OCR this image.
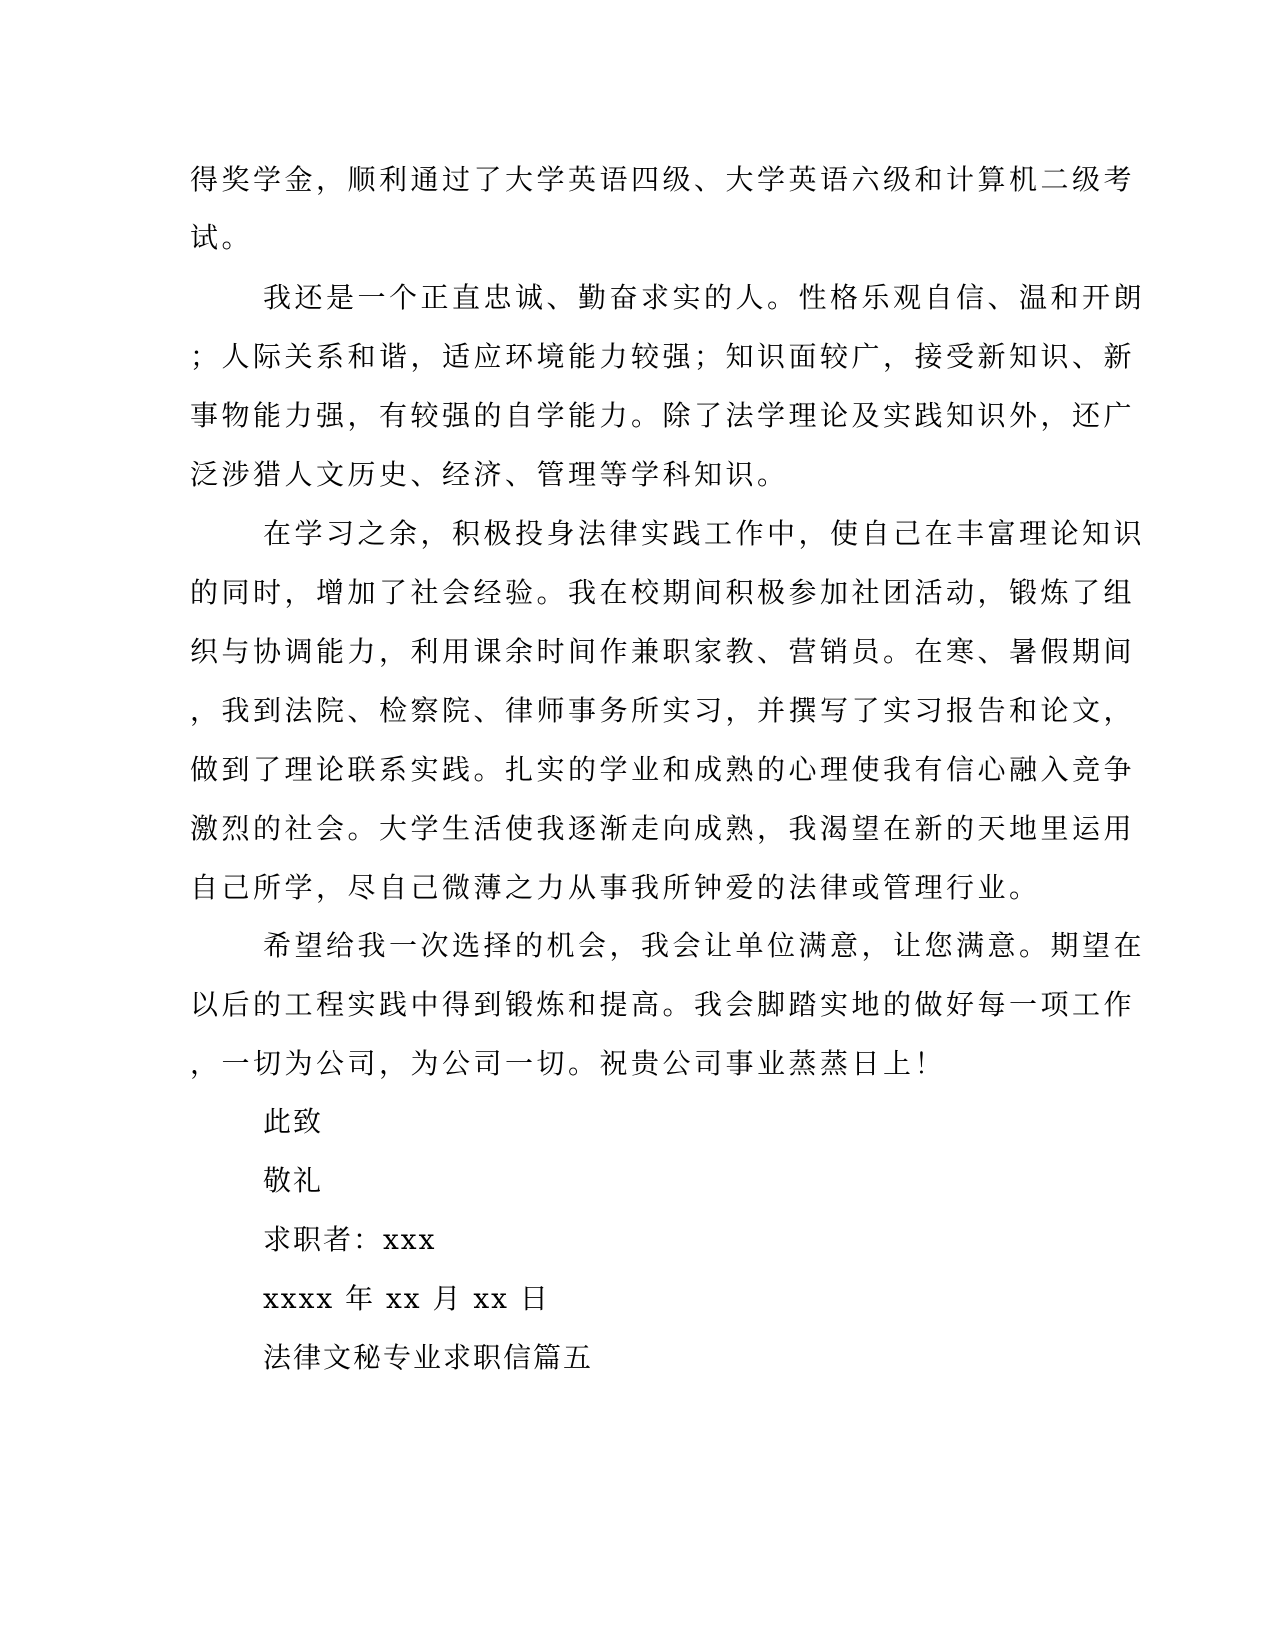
得奖学金，顺利通过了大学英语四级、大学英语六级和计算机二级考
试。
我还是一个正直忠诚、勤奋求实的人。性格乐观自信、温和开朗
；人际关系和谐，适应环境能力较强；知识面较广，接受新知识、新
事物能力强，有较强的自学能力。除了法学理论及实践知识外，还广
泛涉猎人文历史、经济、管理等学科知识。
在学习之余，积极投身法律实践工作中，使自己在丰富理论知识
的同时，增加了社会经验。我在校期间积极参加社团活动，锻炼了组
织与协调能力，利用课余时间作兼职家教、营销员。在寒、暑假期间
，我到法院、检察院、律师事务所实习，并撰写了实习报告和论文，
做到了理论联系实践。扎实的学业和成熟的心理使我有信心融入竞争
激烈的社会。大学生活使我逐渐走向成熟，我渴望在新的天地里运用
自己所学，尽自己微薄之力从事我所钟爱的法律或管理行业。
希望给我一次选择的机会，我会让单位满意，让您满意。期望在
以后的工程实践中得到锻炼和提高。我会脚踏实地的做好每一项工作
，一切为公司，为公司一切。祝贵公司事业蒸蒸日上！
此致
敬礼
求职者：xxx
xxxx 年 xx 月 xx 日
法律文秘专业求职信篇五
